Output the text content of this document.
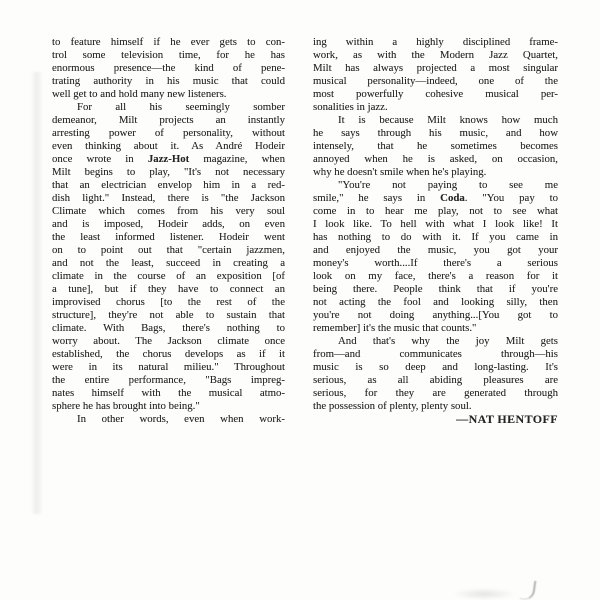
to feature himself if he ever gets to con-
trol some television time, for he has
enormous presence—the kind of pene-
trating authority in his music that could
well get to and hold many new listeners.
For all his seemingly somber
demeanor, Milt projects an instantly
arresting power of personality, without
even thinking about it. As André Hodeir
once wrote in Jazz-Hot magazine, when
Milt begins to play, "It's not necessary
that an electrician envelop him in a red-
dish light." Instead, there is "the Jackson
Climate which comes from his very soul
and is imposed, Hodeir adds, on even
the least informed listener. Hodeir went
on to point out that "certain jazzmen,
and not the least, succeed in creating a
climate in the course of an exposition [of
a tune], but if they have to connect an
improvised chorus [to the rest of the
structure], they're not able to sustain that
climate. With Bags, there's nothing to
worry about. The Jackson climate once
established, the chorus develops as if it
were in its natural milieu." Throughout
the entire performance, "Bags impreg-
nates himself with the musical atmo-
sphere he has brought into being."
In other words, even when work-
ing within a highly disciplined frame-
work, as with the Modern Jazz Quartet,
Milt has always projected a most singular
musical personality—indeed, one of the
most powerfully cohesive musical per-
sonalities in jazz.
It is because Milt knows how much
he says through his music, and how
intensely, that he sometimes becomes
annoyed when he is asked, on occasion,
why he doesn't smile when he's playing.
"You're not paying to see me
smile," he says in Coda. "You pay to
come in to hear me play, not to see what
I look like. To hell with what I look like! It
has nothing to do with it. If you came in
and enjoyed the music, you got your
money's worth....If there's a serious
look on my face, there's a reason for it
being there. People think that if you're
not acting the fool and looking silly, then
you're not doing anything...[You got to
remember] it's the music that counts."
And that's why the joy Milt gets
from—and communicates through—his
music is so deep and long-lasting. It's
serious, as all abiding pleasures are
serious, for they are generated through
the possession of plenty, plenty soul.
—NAT HENTOFF
